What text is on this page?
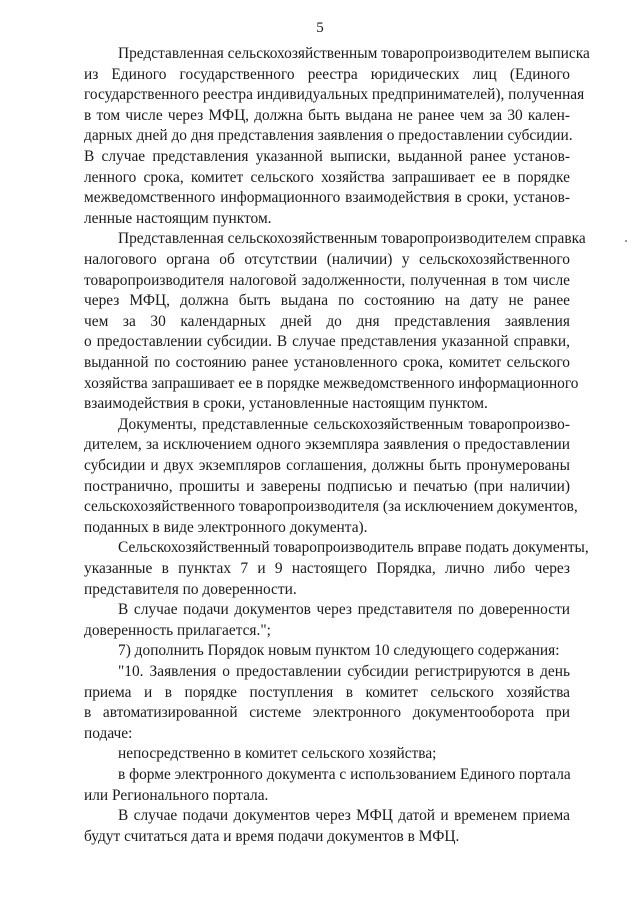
5
Представленная сельскохозяйственным товаропроизводителем выписка
из Единого государственного реестра юридических лиц (Единого
государственного реестра индивидуальных предпринимателей), полученная
в том числе через МФЦ, должна быть выдана не ранее чем за 30 кален-
дарных дней до дня представления заявления о предоставлении субсидии.
В случае представления указанной выписки, выданной ранее установ-
ленного срока, комитет сельского хозяйства запрашивает ее в порядке
межведомственного информационного взаимодействия в сроки, установ-
ленные настоящим пунктом.
Представленная сельскохозяйственным товаропроизводителем справка
налогового органа об отсутствии (наличии) у сельскохозяйственного
товаропроизводителя налоговой задолженности, полученная в том числе
через МФЦ, должна быть выдана по состоянию на дату не ранее
чем за 30 календарных дней до дня представления заявления
о предоставлении субсидии. В случае представления указанной справки,
выданной по состоянию ранее установленного срока, комитет сельского
хозяйства запрашивает ее в порядке межведомственного информационного
взаимодействия в сроки, установленные настоящим пунктом.
Документы, представленные сельскохозяйственным товаропроизво-
дителем, за исключением одного экземпляра заявления о предоставлении
субсидии и двух экземпляров соглашения, должны быть пронумерованы
постранично, прошиты и заверены подписью и печатью (при наличии)
сельскохозяйственного товаропроизводителя (за исключением документов,
поданных в виде электронного документа).
Сельскохозяйственный товаропроизводитель вправе подать документы,
указанные в пунктах 7 и 9 настоящего Порядка, лично либо через
представителя по доверенности.
В случае подачи документов через представителя по доверенности
доверенность прилагается.";
7) дополнить Порядок новым пунктом 10 следующего содержания:
"10. Заявления о предоставлении субсидии регистрируются в день
приема и в порядке поступления в комитет сельского хозяйства
в автоматизированной системе электронного документооборота при
подаче:
непосредственно в комитет сельского хозяйства;
в форме электронного документа с использованием Единого портала
или Регионального портала.
В случае подачи документов через МФЦ датой и временем приема
будут считаться дата и время подачи документов в МФЦ.
